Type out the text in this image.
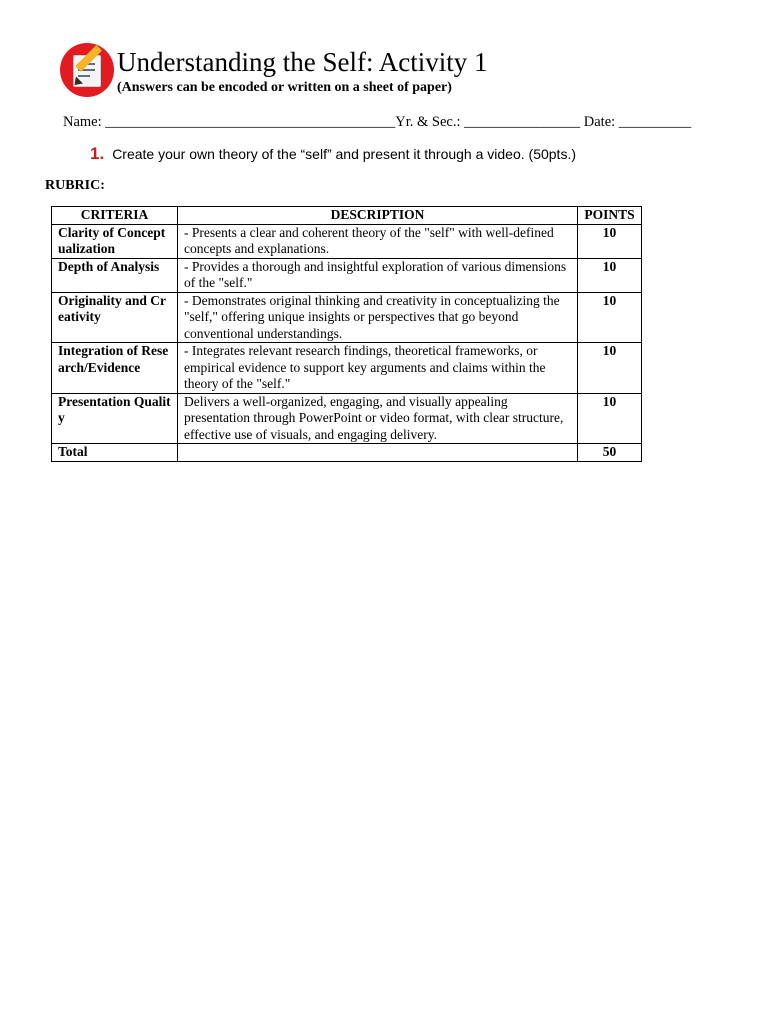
Understanding the Self: Activity 1
(Answers can be encoded or written on a sheet of paper)
Name: ________________________________________Yr. & Sec.: ________________ Date: __________
1. Create your own theory of the “self” and present it through a video. (50pts.)
RUBRIC:
CRITERIA	DESCRIPTION	POINTS
Clarity of Conceptualization	- Presents a clear and coherent theory of the "self" with well-defined concepts and explanations.	10
Depth of Analysis	- Provides a thorough and insightful exploration of various dimensions of the "self."	10
Originality and Creativity	- Demonstrates original thinking and creativity in conceptualizing the "self," offering unique insights or perspectives that go beyond conventional understandings.	10
Integration of Research/Evidence	- Integrates relevant research findings, theoretical frameworks, or empirical evidence to support key arguments and claims within the theory of the "self."	10
Presentation Quality	Delivers a well-organized, engaging, and visually appealing presentation through PowerPoint or video format, with clear structure, effective use of visuals, and engaging delivery.	10
Total		50
